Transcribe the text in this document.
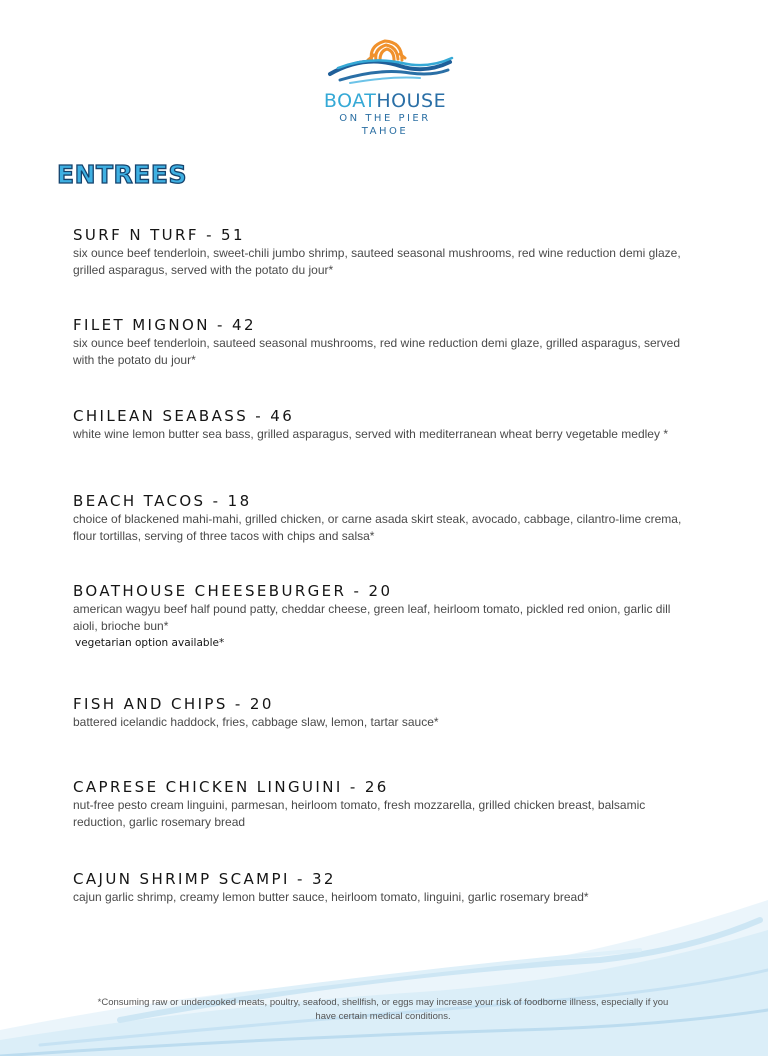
BOATHOUSE
ON THE PIER
TAHOE
ENTREES
SURF N TURF - 51
six ounce beef tenderloin, sweet-chili jumbo shrimp, sauteed seasonal mushrooms, red wine reduction demi glaze, grilled asparagus, served with the potato du jour*
FILET MIGNON - 42
six ounce beef tenderloin, sauteed seasonal mushrooms, red wine reduction demi glaze, grilled asparagus, served with the potato du jour*
CHILEAN SEABASS - 46
white wine lemon butter sea bass, grilled asparagus, served with mediterranean wheat berry vegetable medley *
BEACH TACOS - 18
choice of blackened mahi-mahi, grilled chicken, or carne asada skirt steak, avocado, cabbage, cilantro-lime crema, flour tortillas, serving of three tacos with chips and salsa*
BOATHOUSE CHEESEBURGER - 20
american wagyu beef half pound patty, cheddar cheese, green leaf, heirloom tomato, pickled red onion, garlic dill aioli, brioche bun*
vegetarian option available*
FISH AND CHIPS - 20
battered icelandic haddock, fries, cabbage slaw, lemon, tartar sauce*
CAPRESE CHICKEN LINGUINI - 26
nut-free pesto cream linguini, parmesan, heirloom tomato, fresh mozzarella, grilled chicken breast, balsamic reduction, garlic rosemary bread
CAJUN SHRIMP SCAMPI - 32
cajun garlic shrimp, creamy lemon butter sauce, heirloom tomato, linguini, garlic rosemary bread*
*Consuming raw or undercooked meats, poultry, seafood, shellfish, or eggs may increase your risk of foodborne illness, especially if you have certain medical conditions.
